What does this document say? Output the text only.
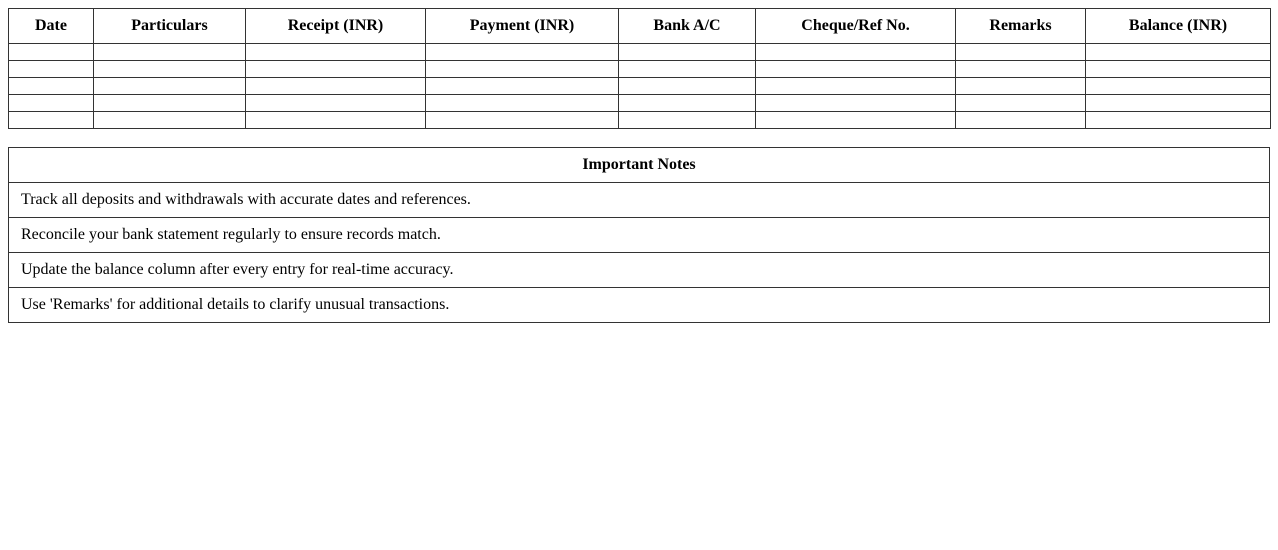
Date	Particulars	Receipt (INR)	Payment (INR)	Bank A/C	Cheque/Ref No.	Remarks	Balance (INR)

Important Notes
Track all deposits and withdrawals with accurate dates and references.
Reconcile your bank statement regularly to ensure records match.
Update the balance column after every entry for real-time accuracy.
Use 'Remarks' for additional details to clarify unusual transactions.
